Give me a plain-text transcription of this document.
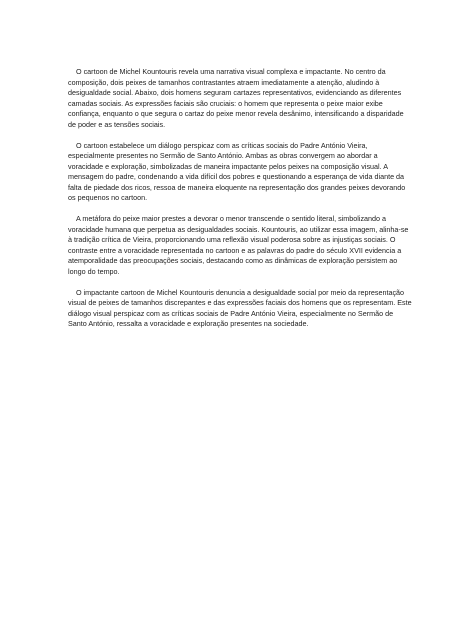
O cartoon de Michel Kountouris revela uma narrativa visual complexa e impactante. No centro da composição, dois peixes de tamanhos contrastantes atraem imediatamente a atenção, aludindo à desigualdade social. Abaixo, dois homens seguram cartazes representativos, evidenciando as diferentes camadas sociais. As expressões faciais são cruciais: o homem que representa o peixe maior exibe confiança, enquanto o que segura o cartaz do peixe menor revela desânimo, intensificando a disparidade de poder e as tensões sociais.

O cartoon estabelece um diálogo perspicaz com as críticas sociais do Padre António Vieira, especialmente presentes no Sermão de Santo António. Ambas as obras convergem ao abordar a voracidade e exploração, simbolizadas de maneira impactante pelos peixes na composição visual. A mensagem do padre, condenando a vida difícil dos pobres e questionando a esperança de vida diante da falta de piedade dos ricos, ressoa de maneira eloquente na representação dos grandes peixes devorando os pequenos no cartoon.

A metáfora do peixe maior prestes a devorar o menor transcende o sentido literal, simbolizando a voracidade humana que perpetua as desigualdades sociais. Kountouris, ao utilizar essa imagem, alinha-se à tradição crítica de Vieira, proporcionando uma reflexão visual poderosa sobre as injustiças sociais. O contraste entre a voracidade representada no cartoon e as palavras do padre do século XVII evidencia a atemporalidade das preocupações sociais, destacando como as dinâmicas de exploração persistem ao longo do tempo.

O impactante cartoon de Michel Kountouris denuncia a desigualdade social por meio da representação visual de peixes de tamanhos discrepantes e das expressões faciais dos homens que os representam. Este diálogo visual perspicaz com as críticas sociais de Padre António Vieira, especialmente no Sermão de Santo António, ressalta a voracidade e exploração presentes na sociedade.
